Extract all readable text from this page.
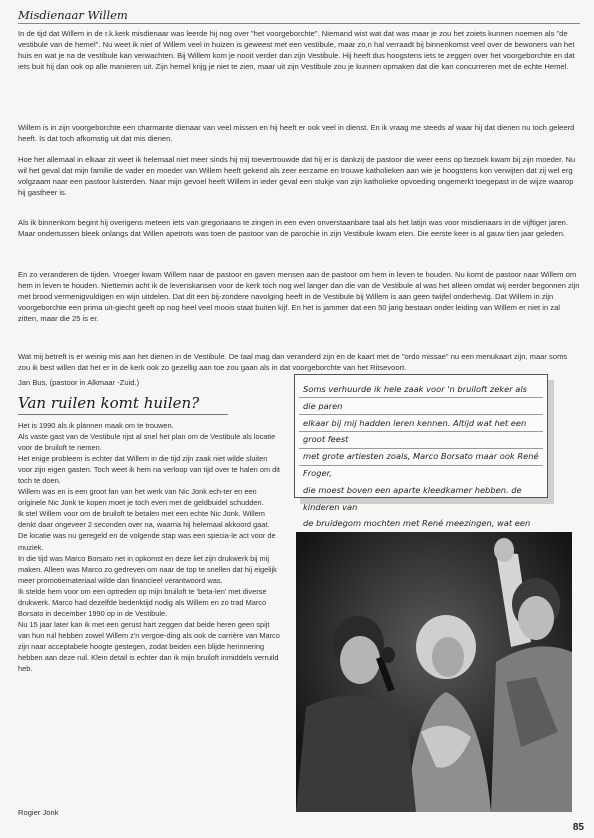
Misdienaar Willem
In de tijd dat Willem in de r.k.kerk misdienaar was leerde hij nog over "het voorgeborchte". Niemand wist wat dat was maar je zou het zoiets kunnen noemen als "de vestibule van de hemel". Nu weet ik niet of Willem veel in huizen is geweest met een vestibule, maar zo,n hal verraadt bij binnenkomst veel over de bewoners van het huis en wat je na de vestibule kan verwachten. Bij Willem kom je nooit verder dan zijn Vestibule. Hij heeft dus hoogstens iets te zeggen over het voorgeborchte en dat iets buit hij dan ook op alle manieren uit. Zijn hemel krijg je niet te zien, maar uit zijn Vestibule zou je kunnen opmaken dat die kan concurreren met de echte Hemel.
Willem is in zijn voorgeborchte een charmante dienaar van veel missen en hij heeft er ook veel in dienst. En ik vraag me steeds af waar hij dat dienen nu toch geleerd heeft. Is dat toch afkomstig uit dat mis dienen.
Hoe het allemaal in elkaar zit weet ik helemaal niet meer sinds hij mij toevertrouwde dat hij er is dankzij de pastoor die weer eens op bezoek kwam bij zijn moeder. Nu wil het geval dat mijn familie de vader en moeder van Willem heeft gekend als zeer eerzame en trouwe katholieken aan wie je hoogstens kon verwijten dat zij wel erg volgzaam naar een pastoor luisterden. Naar mijn gevoel heeft Willem in ieder geval een stukje van zijn katholieke opvoeding ongemerkt toegepast in de wijze waarop hij gastheer is.
Als ik binnenkom begint hij overigens meteen iets van gregoriaans te zingen in een even onverstaanbare taal als het latijn was voor misdienaars in de vijftiger jaren. Maar ondertussen bleek onlangs dat Willen apetrots was toen de pastoor van de parochie in zijn Vestibule kwam eten. Die eerste keer is al gauw tien jaar geleden.
En zo veranderen de tijden. Vroeger kwam Willem naar de pastoor en gaven mensen aan de pastoor om hem in leven te houden. Nu komt de pastoor naar Willem om hem in leven te houden. Niettemin acht ik de levenskansen voor de kerk toch nog wel langer dan die van de Vestibule al was het alleen omdat wij eerder begonnen zijn met brood vermenigvuldigen en wijn uitdelen. Dat dit een bij-zondere navolging heeft in de Vestibule bij Willem is aan geen twijfel onderhevig. Dat Willem in zijn voorgeborchte een prima uit-giecht geeft op nog heel veel moois staat buiten kijf. En het is jammer dat een 50 jarig bestaan onder leiding van Willem er niet in zal zitten, maar die 25 is er.
Wat mij betreft is er weinig mis aan het dienen in de Vestibule. De taal mag dan veranderd zijn en de kaart met de "ordo missae" nu een menukaart zijn, maar soms zou ik best willen dat het er in de kerk ook zo gezellig aan toe zou gaan als in dat voorgeborchte van het Ritsevoort.
Jan Bus, (pastoor in Alkmaar -Zuid.)
Van ruilen komt huilen?

Het is 1990 als ik plannen maak om te trouwen.

Als vaste gast van de Vestibule rijst al snel het plan om de Vestibule als locatie voor de bruiloft te nemen.

Het enige probleem is echter dat Willem in die tijd zijn zaak niet wilde sluiten voor zijn eigen gasten. Toch weet ik hem na verloop van tijd over te halen om dit toch te doen.

Willem was en is een groot fan van het werk van Nic Jonk ech-ter en een originele Nic Jonk te kopen moet je toch even met de geldbuidel schudden.

Ik stel Willem voor om de bruiloft te betalen met een echte Nic Jonk. Willem denkt daar ongeveer 2 seconden over na, waarna hij helemaal akkoord gaat.

De locatie was nu geregeld en de volgende stap was een specia-le act voor de muziek.

In die tijd was Marco Borsato net in opkomst en deze liet zijn drukwerk bij mij maken. Alleen was Marco zo gedreven om naar de top te snellen dat hij eigelijk meer promotiemateriaal wilde dan financieel verantwoord was.

Ik stelde hem voor om een optreden op mijn bruiloft te 'beta-len' met diverse drukwerk. Marco had dezelfde bedenktijd nodig als Willem en zo trad Marco Borsato in december 1990 op in de Vestibule.

Nu 15 jaar later kan ik met een gerust hart zeggen dat beide heren geen spijt van hun ruil hebben zowel Willem z'n vergoe-ding als ook de carrière van Marco zijn naar acceptabele hoogte gestegen, zodat beiden een blijde herinnering hebben aan deze ruil. Klein detail is echter dan ik mijn bruiloft inmiddels verruild heb.

Rogier Jonk
Soms verhuurde ik hele zaak voor 'n bruiloft zeker als die paren
elkaar bij mij hadden leren kennen. Altijd wat het een groot feest
met grote artiesten zoals, Marco Borsato maar ook René Froger,
die moest boven een aparte kleedkamer hebben. de kinderen van
de bruidegom mochten met René meezingen, wat een
85
